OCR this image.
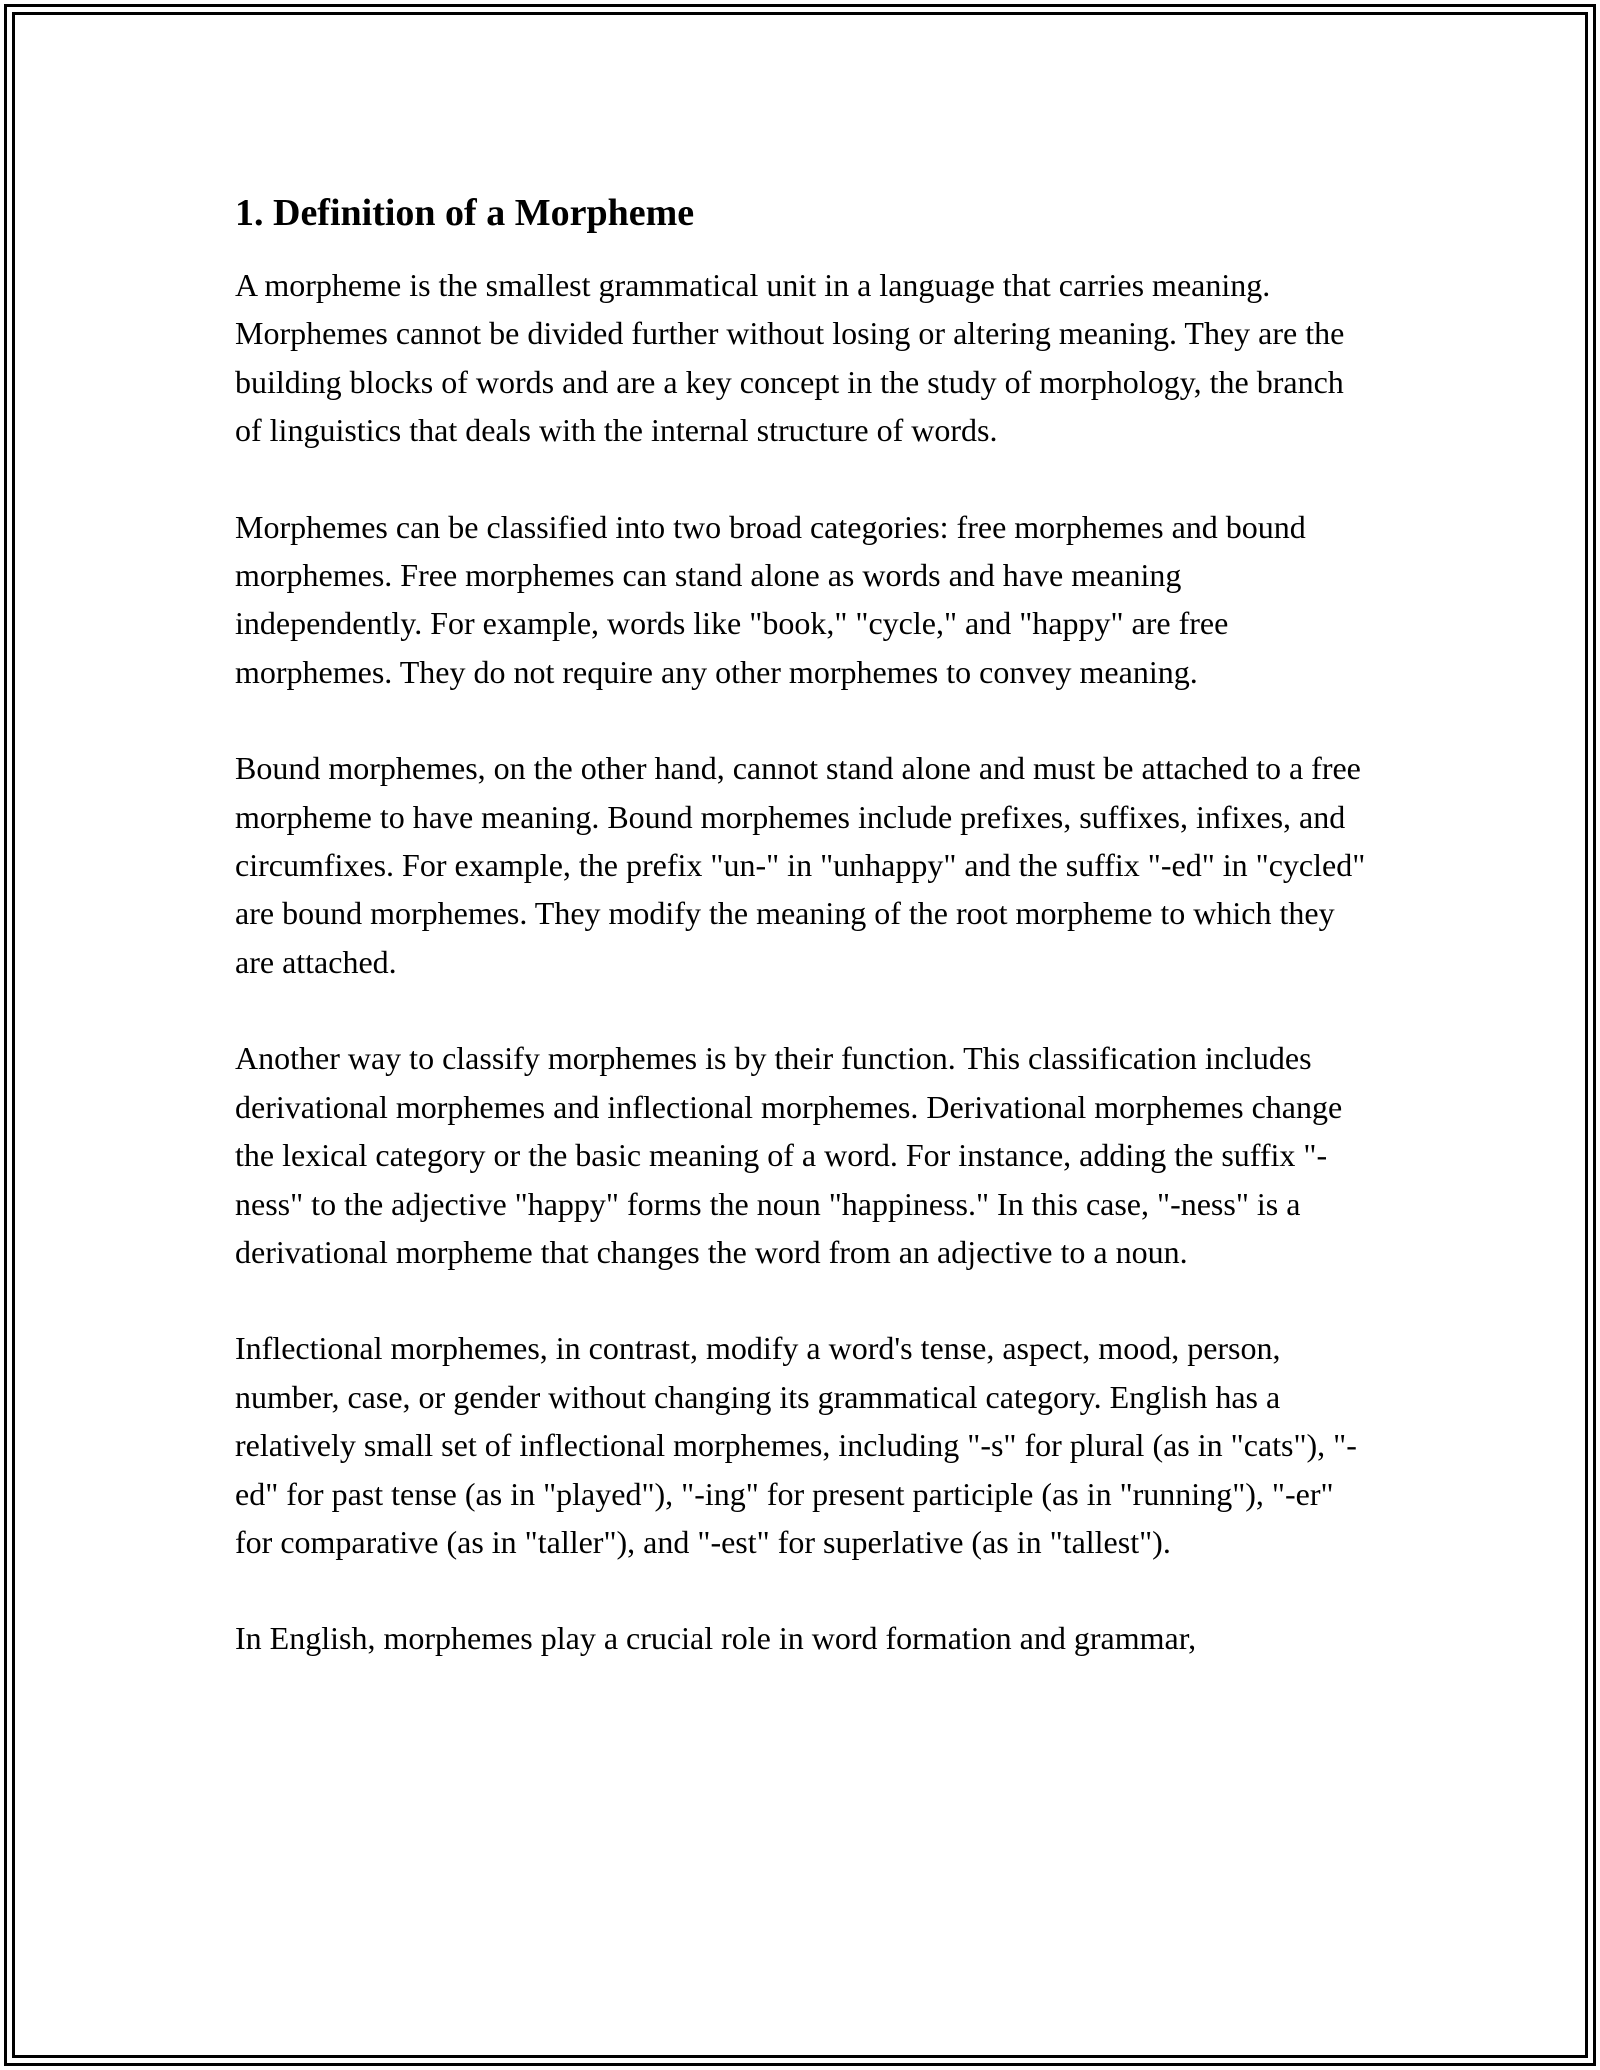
1. Definition of a Morpheme

A morpheme is the smallest grammatical unit in a language that carries meaning. Morphemes cannot be divided further without losing or altering meaning. They are the building blocks of words and are a key concept in the study of morphology, the branch of linguistics that deals with the internal structure of words.

Morphemes can be classified into two broad categories: free morphemes and bound morphemes. Free morphemes can stand alone as words and have meaning independently. For example, words like "book," "cycle," and "happy" are free morphemes. They do not require any other morphemes to convey meaning.

Bound morphemes, on the other hand, cannot stand alone and must be attached to a free morpheme to have meaning. Bound morphemes include prefixes, suffixes, infixes, and circumfixes. For example, the prefix "un-" in "unhappy" and the suffix "-ed" in "cycled" are bound morphemes. They modify the meaning of the root morpheme to which they are attached.

Another way to classify morphemes is by their function. This classification includes derivational morphemes and inflectional morphemes. Derivational morphemes change the lexical category or the basic meaning of a word. For instance, adding the suffix "-ness" to the adjective "happy" forms the noun "happiness." In this case, "-ness" is a derivational morpheme that changes the word from an adjective to a noun.

Inflectional morphemes, in contrast, modify a word's tense, aspect, mood, person, number, case, or gender without changing its grammatical category. English has a relatively small set of inflectional morphemes, including "-s" for plural (as in "cats"), "-ed" for past tense (as in "played"), "-ing" for present participle (as in "running"), "-er" for comparative (as in "taller"), and "-est" for superlative (as in "tallest").

In English, morphemes play a crucial role in word formation and grammar,
